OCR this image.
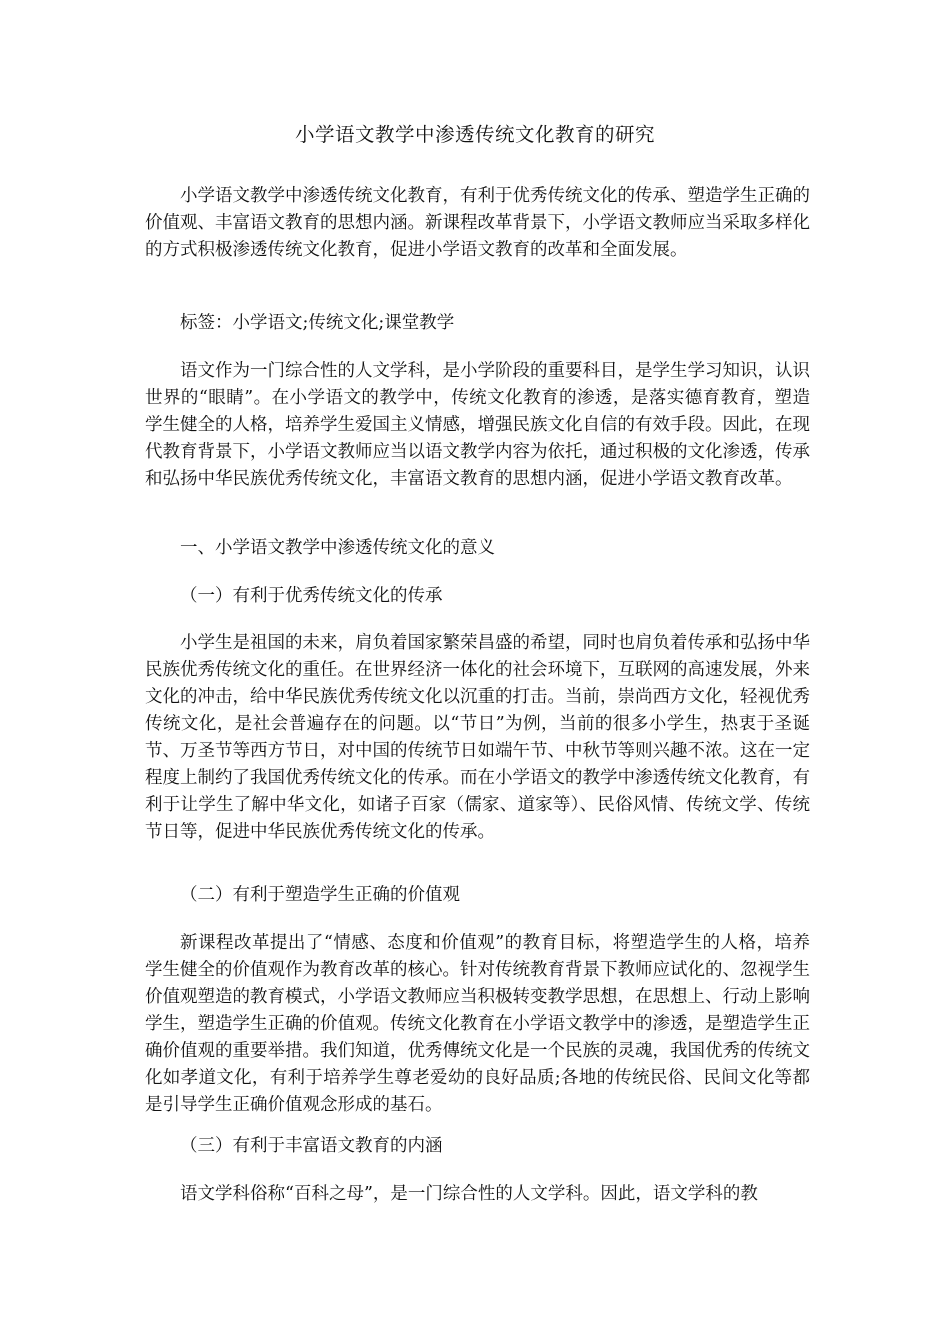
小学语文教学中渗透传统文化教育的研究

小学语文教学中渗透传统文化教育，有利于优秀传统文化的传承、塑造学生正确的价值观、丰富语文教育的思想内涵。新课程改革背景下，小学语文教师应当采取多样化的方式积极渗透传统文化教育，促进小学语文教育的改革和全面发展。

标签：小学语文;传统文化;课堂教学

语文作为一门综合性的人文学科，是小学阶段的重要科目，是学生学习知识，认识世界的“眼睛”。在小学语文的教学中，传统文化教育的渗透，是落实德育教育，塑造学生健全的人格，培养学生爱国主义情感，增强民族文化自信的有效手段。因此，在现代教育背景下，小学语文教师应当以语文教学内容为依托，通过积极的文化渗透，传承和弘扬中华民族优秀传统文化，丰富语文教育的思想内涵，促进小学语文教育改革。

一、小学语文教学中渗透传统文化的意义

（一）有利于优秀传统文化的传承

小学生是祖国的未来，肩负着国家繁荣昌盛的希望，同时也肩负着传承和弘扬中华民族优秀传统文化的重任。在世界经济一体化的社会环境下，互联网的高速发展，外来文化的冲击，给中华民族优秀传统文化以沉重的打击。当前，崇尚西方文化，轻视优秀传统文化，是社会普遍存在的问题。以“节日”为例，当前的很多小学生，热衷于圣诞节、万圣节等西方节日，对中国的传统节日如端午节、中秋节等则兴趣不浓。这在一定程度上制约了我国优秀传统文化的传承。而在小学语文的教学中渗透传统文化教育，有利于让学生了解中华文化，如诸子百家（儒家、道家等）、民俗风情、传统文学、传统节日等，促进中华民族优秀传统文化的传承。

（二）有利于塑造学生正确的价值观

新课程改革提出了“情感、态度和价值观”的教育目标，将塑造学生的人格，培养学生健全的价值观作为教育改革的核心。针对传统教育背景下教师应试化的、忽视学生价值观塑造的教育模式，小学语文教师应当积极转变教学思想，在思想上、行动上影响学生，塑造学生正确的价值观。传统文化教育在小学语文教学中的渗透，是塑造学生正确价值观的重要举措。我们知道，优秀傳统文化是一个民族的灵魂，我国优秀的传统文化如孝道文化，有利于培养学生尊老爱幼的良好品质;各地的传统民俗、民间文化等都是引导学生正确价值观念形成的基石。

（三）有利于丰富语文教育的内涵

语文学科俗称“百科之母”，是一门综合性的人文学科。因此，语文学科的教
